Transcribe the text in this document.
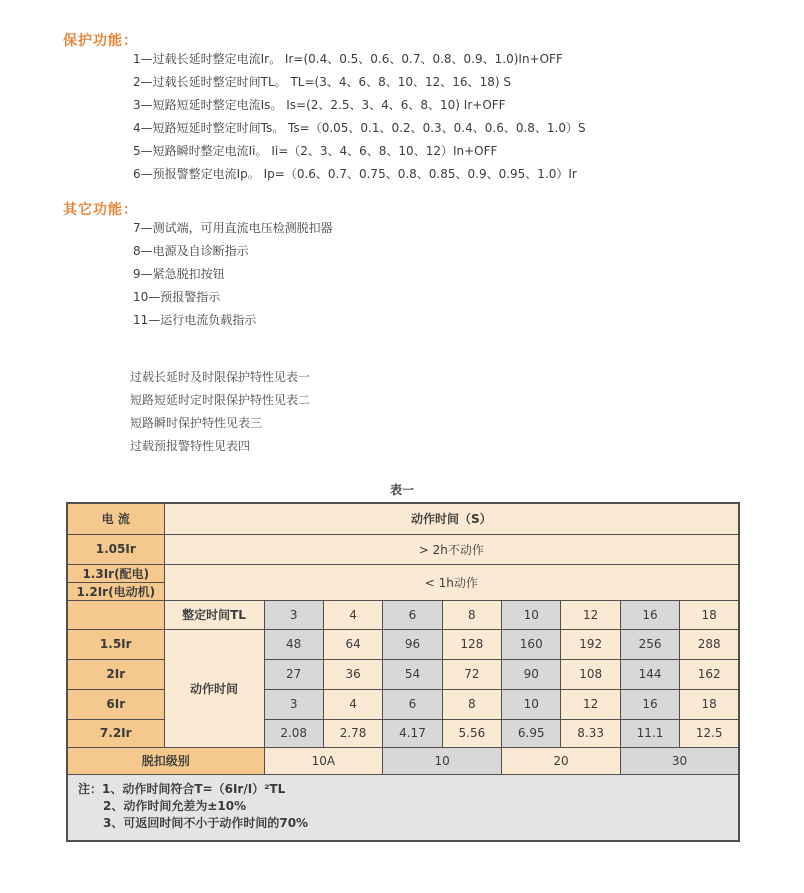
保护功能：
1—过载长延时整定电流Ir。 Ir=(0.4、0.5、0.6、0.7、0.8、0.9、1.0)In+OFF
2—过载长延时整定时间TL。 TL=(3、4、6、8、10、12、16、18) S
3—短路短延时整定电流Is。 Is=(2、2.5、3、4、6、8、10) Ir+OFF
4—短路短延时整定时间Ts。 Ts=（0.05、0.1、0.2、0.3、0.4、0.6、0.8、1.0）S
5—短路瞬时整定电流Ii。 Ii=（2、3、4、6、8、10、12）In+OFF
6—预报警整定电流Ip。 Ip=（0.6、0.7、0.75、0.8、0.85、0.9、0.95、1.0）Ir
其它功能：
7—测试端，可用直流电压检测脱扣器
8—电源及自诊断指示
9—紧急脱扣按钮
10—预报警指示
11—运行电流负载指示
过载长延时及时限保护特性见表一
短路短延时定时限保护特性见表二
短路瞬时保护特性见表三
过载预报警特性见表四
表一
电 流	动作时间（S）								
1.05Ir	> 2h不动作								
1.3Ir(配电)	< 1h动作								
1.2Ir(电动机)									
	整定时间TL	3	4	6	8	10	12	16	18
1.5Ir	动作时间	48	64	96	128	160	192	256	288
2Ir		27	36	54	72	90	108	144	162
6Ir		3	4	6	8	10	12	16	18
7.2Ir		2.08	2.78	4.17	5.56	6.95	8.33	11.1	12.5
脱扣级别		10A		10		20		30	

注：1、动作时间符合T=（6Ir/I）²TL
2、动作时间允差为±10%
3、可返回时间不小于动作时间的70%									
